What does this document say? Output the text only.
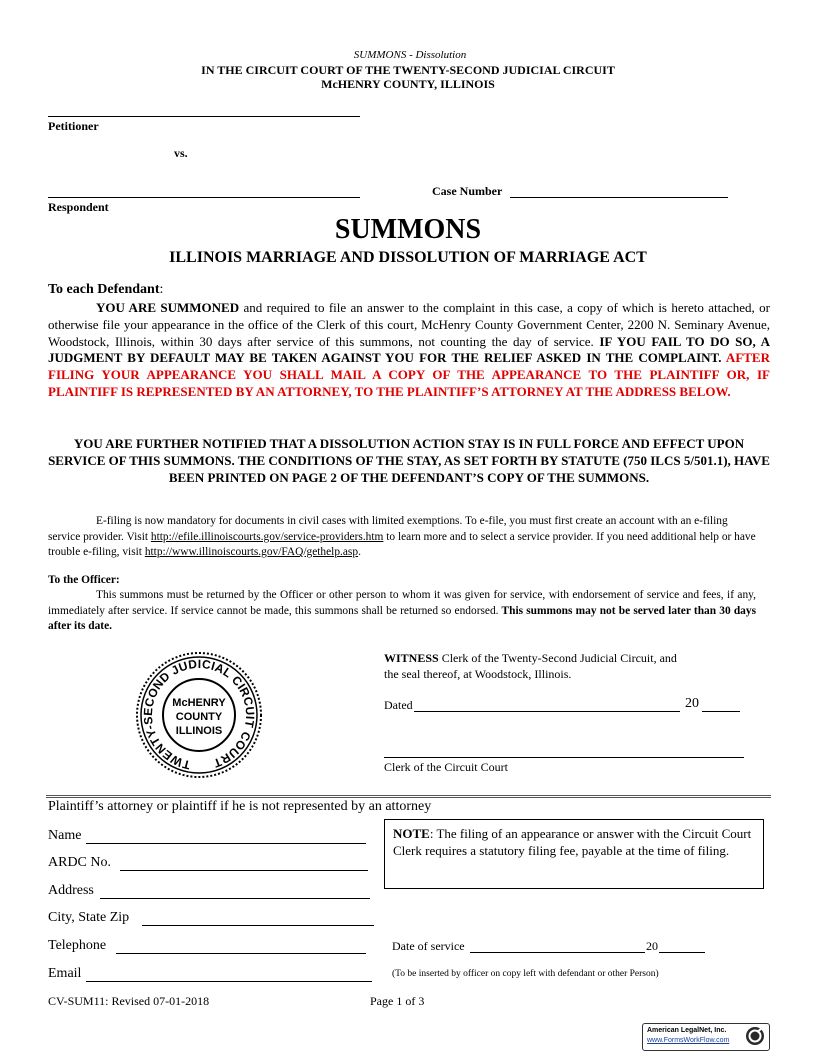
SUMMONS - Dissolution
IN THE CIRCUIT COURT OF THE TWENTY-SECOND JUDICIAL CIRCUIT
McHENRY COUNTY, ILLINOIS
Petitioner
vs.
Respondent
Case Number
SUMMONS
ILLINOIS MARRIAGE AND DISSOLUTION OF MARRIAGE ACT
To each Defendant:
YOU ARE SUMMONED and required to file an answer to the complaint in this case, a copy of which is hereto attached, or otherwise file your appearance in the office of the Clerk of this court, McHenry County Government Center, 2200 N. Seminary Avenue, Woodstock, Illinois, within 30 days after service of this summons, not counting the day of service. IF YOU FAIL TO DO SO, A JUDGMENT BY DEFAULT MAY BE TAKEN AGAINST YOU FOR THE RELIEF ASKED IN THE COMPLAINT. AFTER FILING YOUR APPEARANCE YOU SHALL MAIL A COPY OF THE APPEARANCE TO THE PLAINTIFF OR, IF PLAINTIFF IS REPRESENTED BY AN ATTORNEY, TO THE PLAINTIFF’S ATTORNEY AT THE ADDRESS BELOW.
YOU ARE FURTHER NOTIFIED THAT A DISSOLUTION ACTION STAY IS IN FULL FORCE AND EFFECT UPON SERVICE OF THIS SUMMONS. THE CONDITIONS OF THE STAY, AS SET FORTH BY STATUTE (750 ILCS 5/501.1), HAVE BEEN PRINTED ON PAGE 2 OF THE DEFENDANT’S COPY OF THE SUMMONS.
E-filing is now mandatory for documents in civil cases with limited exemptions. To e-file, you must first create an account with an e-filing service provider. Visit http://efile.illinoiscourts.gov/service-providers.htm to learn more and to select a service provider. If you need additional help or have trouble e-filing, visit http://www.illinoiscourts.gov/FAQ/gethelp.asp.
To the Officer:
This summons must be returned by the Officer or other person to whom it was given for service, with endorsement of service and fees, if any, immediately after service. If service cannot be made, this summons shall be returned so endorsed. This summons may not be served later than 30 days after its date.
TWENTY-SECOND JUDICIAL CIRCUIT COURT
McHENRY
COUNTY
ILLINOIS
WITNESS Clerk of the Twenty-Second Judicial Circuit, and the seal thereof, at Woodstock, Illinois.
Dated	20
Clerk of the Circuit Court
Plaintiff’s attorney or plaintiff if he is not represented by an attorney
Name
ARDC No.
Address
City, State Zip
Telephone
Email
NOTE: The filing of an appearance or answer with the Circuit Court Clerk requires a statutory filing fee, payable at the time of filing.
Date of service	20
(To be inserted by officer on copy left with defendant or other Person)
CV-SUM11: Revised 07-01-2018	Page 1 of 3
American LegalNet, Inc.
www.FormsWorkFlow.com
